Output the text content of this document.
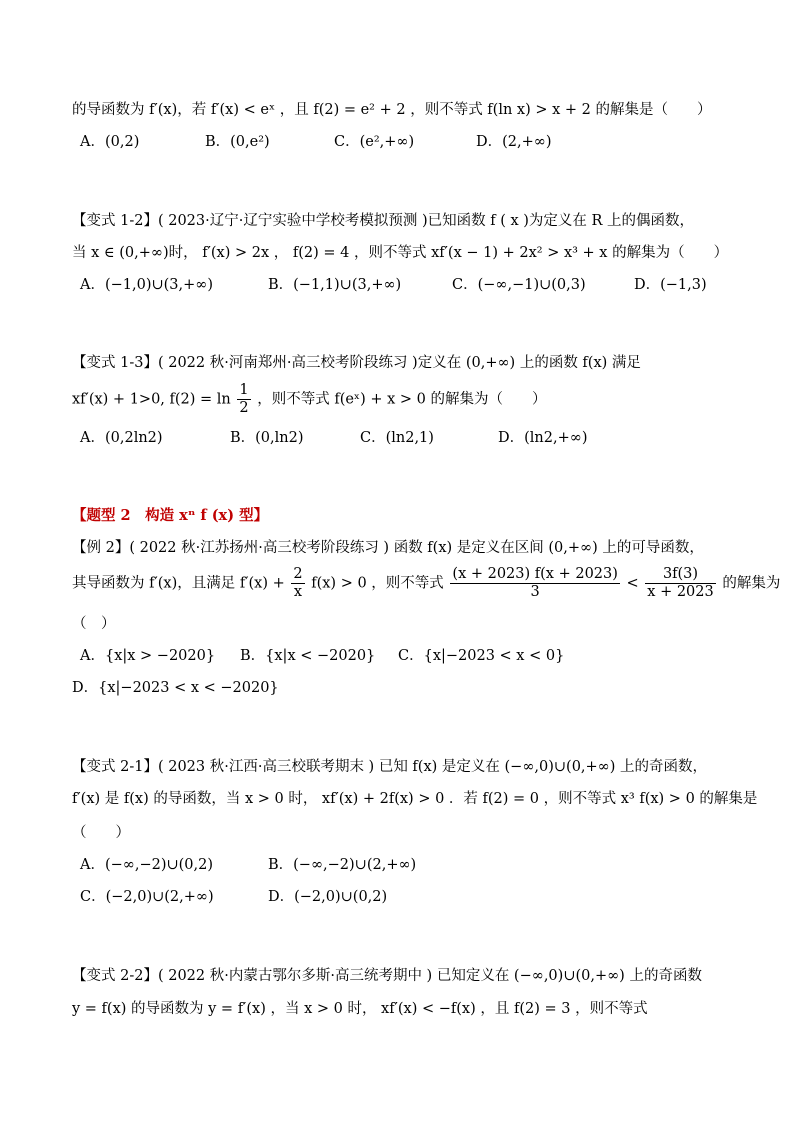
的导函数为 f′(x)，若 f′(x) < eˣ ，且 f(2) = e² + 2 ，则不等式 f(ln x) > x + 2 的解集是（　　）
A．(0,2)	B．(0,e²)	C．(e²,+∞)	D．(2,+∞)
【变式 1-2】( 2023·辽宁·辽宁实验中学校考模拟预测 )已知函数 f ( x )为定义在 R 上的偶函数，
当 x ∈ (0,+∞)时， f′(x) > 2x ， f(2) = 4 ，则不等式 xf′(x − 1) + 2x² > x³ + x 的解集为（　　）
A．(−1,0)∪(3,+∞)	B．(−1,1)∪(3,+∞)	C．(−∞,−1)∪(0,3)	D．(−1,3)
【变式 1-3】( 2022 秋·河南郑州·高三校考阶段练习 )定义在 (0,+∞) 上的函数 f(x) 满足
xf′(x) + 1>0, $f(2) = \ln \frac{1}{2}$ ，则不等式 f(eˣ) + x > 0 的解集为（　　）
A．(0,2ln2)	B．(0,ln2)	C．(ln2,1)	D．(ln2,+∞)
【题型 2　构造 xⁿ f (x) 型】
【例 2】( 2022 秋·江苏扬州·高三校考阶段练习 ) 函数 f(x) 是定义在区间 (0,+∞) 上的可导函数，
其导函数为 f′(x)，且满足 $f'(x) + \frac{2}{x} f(x) > 0$ ，则不等式 $\frac{(x + 2023) f(x + 2023)}{3} < \frac{3f(3)}{x + 2023}$ 的解集为
（　）
A．{x|x > −2020} B．{x|x < −2020} C．{x|−2023 < x < 0}
D．{x|−2023 < x < −2020}
【变式 2-1】( 2023 秋·江西·高三校联考期末 ) 已知 f(x) 是定义在 (−∞,0)∪(0,+∞) 上的奇函数，
f′(x) 是 f(x) 的导函数，当 x > 0 时， xf′(x) + 2f(x) > 0 ．若 f(2) = 0 ，则不等式 x³ f(x) > 0 的解集是
（　　）
A．(−∞,−2)∪(0,2)	B．(−∞,−2)∪(2,+∞)
C．(−2,0)∪(2,+∞)	D．(−2,0)∪(0,2)
【变式 2-2】( 2022 秋·内蒙古鄂尔多斯·高三统考期中 ) 已知定义在 (−∞,0)∪(0,+∞) 上的奇函数
y = f(x) 的导函数为 y = f′(x) ，当 x > 0 时， xf′(x) < −f(x) ，且 f(2) = 3 ，则不等式
